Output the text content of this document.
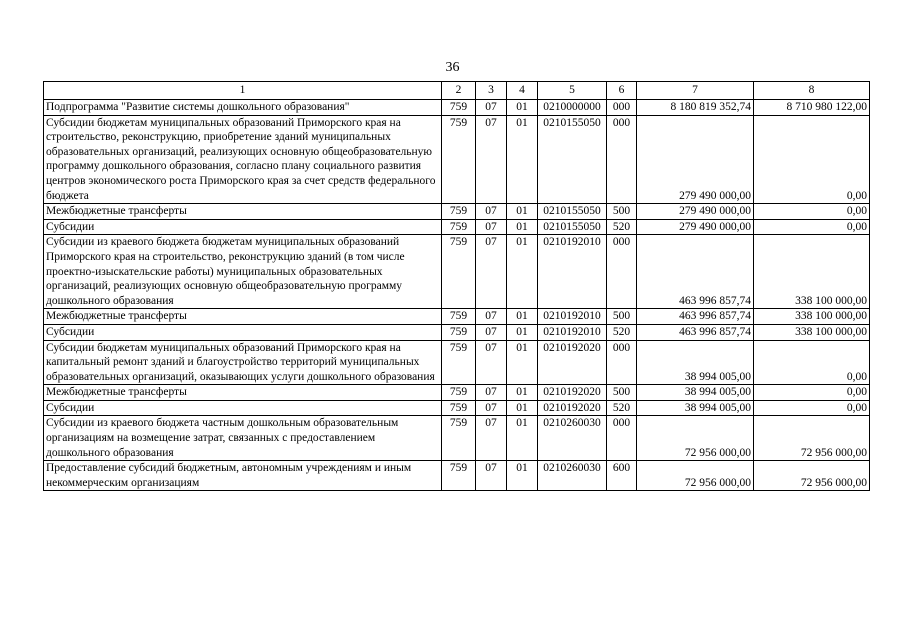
36
1	2	3	4	5	6	7	8
Подпрограмма "Развитие системы дошкольного образования"	759	07	01	0210000000	000	8 180 819 352,74	8 710 980 122,00
Субсидии бюджетам муниципальных образований Приморского края на строительство, реконструкцию, приобретение зданий муниципальных образовательных организаций, реализующих основную общеобразовательную программу дошкольного образования, согласно плану социального развития центров экономического роста Приморского края за счет средств федерального бюджета	759	07	01	0210155050	000	279 490 000,00	0,00
Межбюджетные трансферты	759	07	01	0210155050	500	279 490 000,00	0,00
Субсидии	759	07	01	0210155050	520	279 490 000,00	0,00
Субсидии из краевого бюджета бюджетам муниципальных образований Приморского края на строительство, реконструкцию зданий (в том числе проектно-изыскательские работы) муниципальных образовательных организаций, реализующих основную общеобразовательную программу дошкольного образования	759	07	01	0210192010	000	463 996 857,74	338 100 000,00
Межбюджетные трансферты	759	07	01	0210192010	500	463 996 857,74	338 100 000,00
Субсидии	759	07	01	0210192010	520	463 996 857,74	338 100 000,00
Субсидии бюджетам муниципальных образований Приморского края на капитальный ремонт зданий и благоустройство территорий муниципальных образовательных организаций, оказывающих услуги дошкольного образования	759	07	01	0210192020	000	38 994 005,00	0,00
Межбюджетные трансферты	759	07	01	0210192020	500	38 994 005,00	0,00
Субсидии	759	07	01	0210192020	520	38 994 005,00	0,00
Субсидии из краевого бюджета частным дошкольным образовательным организациям на возмещение затрат, связанных с предоставлением дошкольного образования	759	07	01	0210260030	000	72 956 000,00	72 956 000,00
Предоставление субсидий бюджетным, автономным учреждениям и иным некоммерческим организациям	759	07	01	0210260030	600	72 956 000,00	72 956 000,00
